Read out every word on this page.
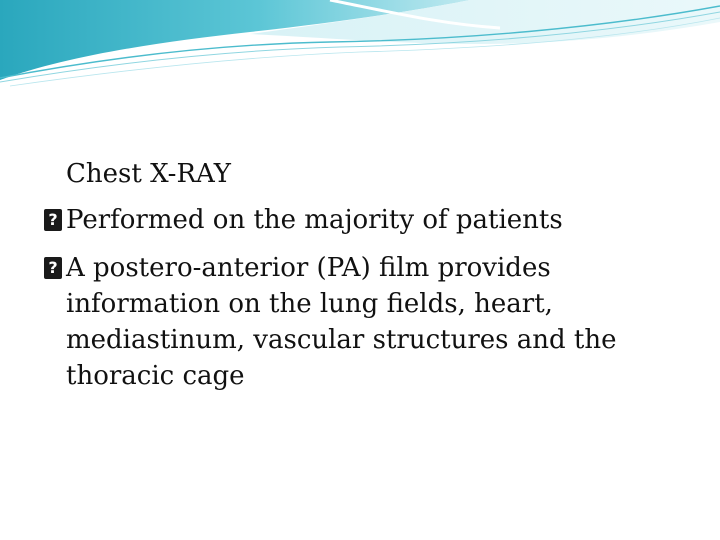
Chest X-RAY
?
Performed on the majority of patients
?
A postero-anterior (PA) film provides information on the lung fields, heart, mediastinum, vascular structures and the thoracic cage
